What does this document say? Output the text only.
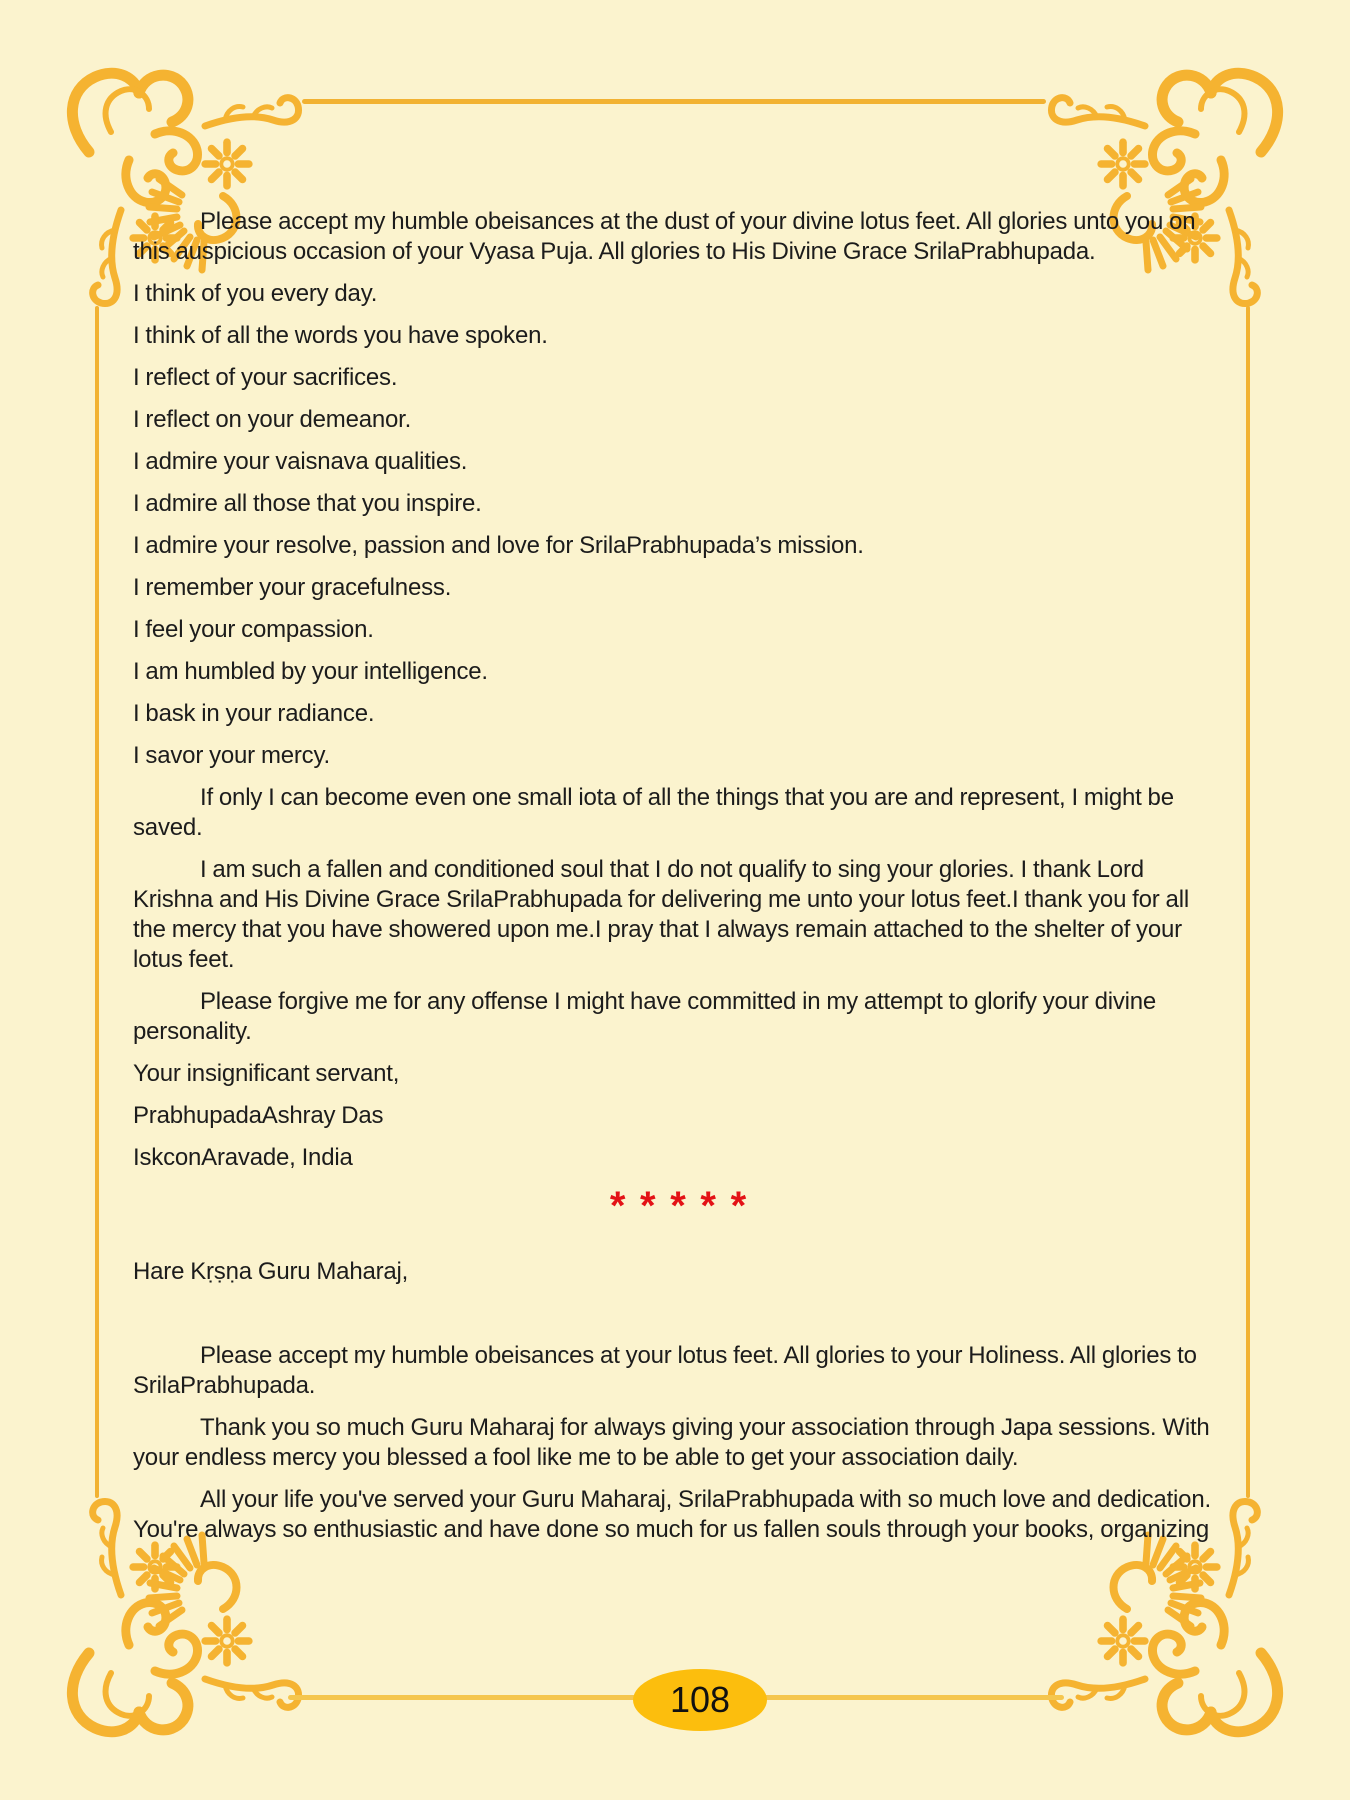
Please accept my humble obeisances at the dust of your divine lotus feet. All glories unto you on this auspicious occasion of your Vyasa Puja. All glories to His Divine Grace SrilaPrabhupada.

I think of you every day.

I think of all the words you have spoken.

I reflect of your sacrifices.

I reflect on your demeanor.

I admire your vaisnava qualities.

I admire all those that you inspire.

I admire your resolve, passion and love for SrilaPrabhupada’s mission.

I remember your gracefulness.

I feel your compassion.

I am humbled by your intelligence.

I bask in your radiance.

I savor your mercy.

If only I can become even one small iota of all the things that you are and represent, I might be saved.

I am such a fallen and conditioned soul that I do not qualify to sing your glories. I thank Lord Krishna and His Divine Grace SrilaPrabhupada for delivering me unto your lotus feet.I thank you for all the mercy that you have showered upon me.I pray that I always remain attached to the shelter of your lotus feet.

Please forgive me for any offense I might have committed in my attempt to glorify your divine personality.

Your insignificant servant,

PrabhupadaAshray Das

IskconAravade, India

* * * * *

Hare Kṛṣṇa Guru Maharaj,

Please accept my humble obeisances at your lotus feet. All glories to your Holiness. All glories to SrilaPrabhupada.

Thank you so much Guru Maharaj for always giving your association through Japa sessions. With your endless mercy you blessed a fool like me to be able to get your association daily.

All your life you've served your Guru Maharaj, SrilaPrabhupada with so much love and dedication. You're always so enthusiastic and have done so much for us fallen souls through your books, organizing

108
